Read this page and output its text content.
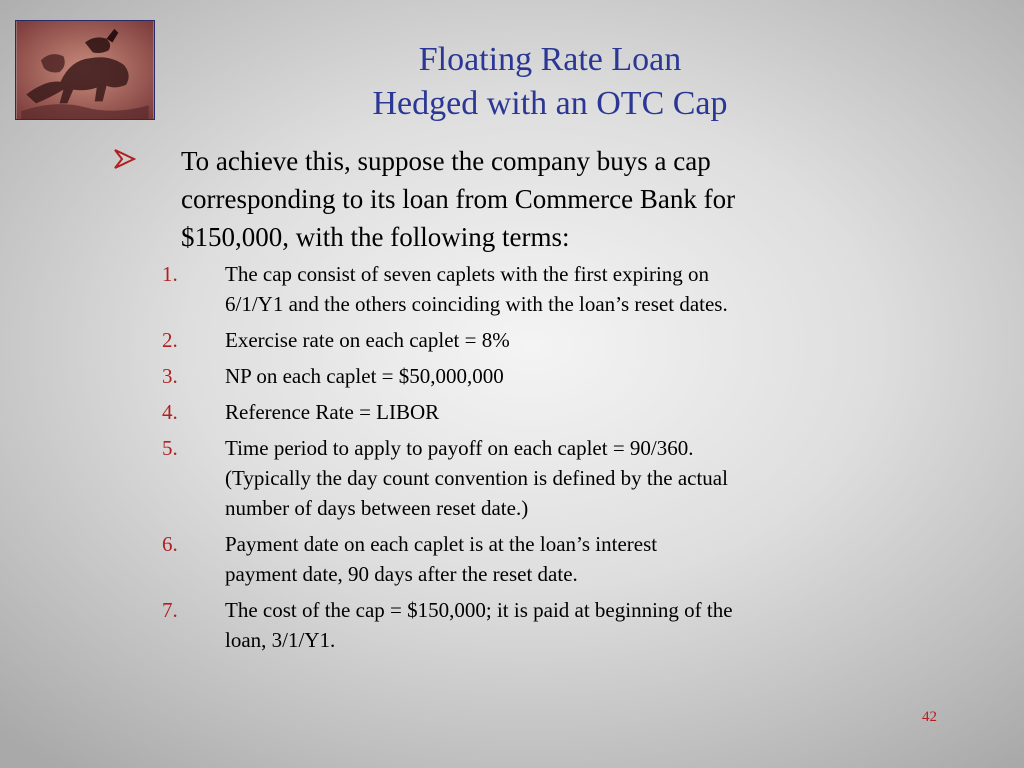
Floating Rate Loan
Hedged with an OTC Cap
To achieve this, suppose the company buys a cap
corresponding to its loan from Commerce Bank for
$150,000, with the following terms:
1. The cap consist of seven caplets with the first expiring on
6/1/Y1 and the others coinciding with the loan’s reset dates.
2. Exercise rate on each caplet = 8%
3. NP on each caplet = $50,000,000
4. Reference Rate = LIBOR
5. Time period to apply to payoff on each caplet = 90/360.
(Typically the day count convention is defined by the actual
number of days between reset date.)
6. Payment date on each caplet is at the loan’s interest
payment date, 90 days after the reset date.
7. The cost of the cap = $150,000; it is paid at beginning of the
loan, 3/1/Y1.
42
